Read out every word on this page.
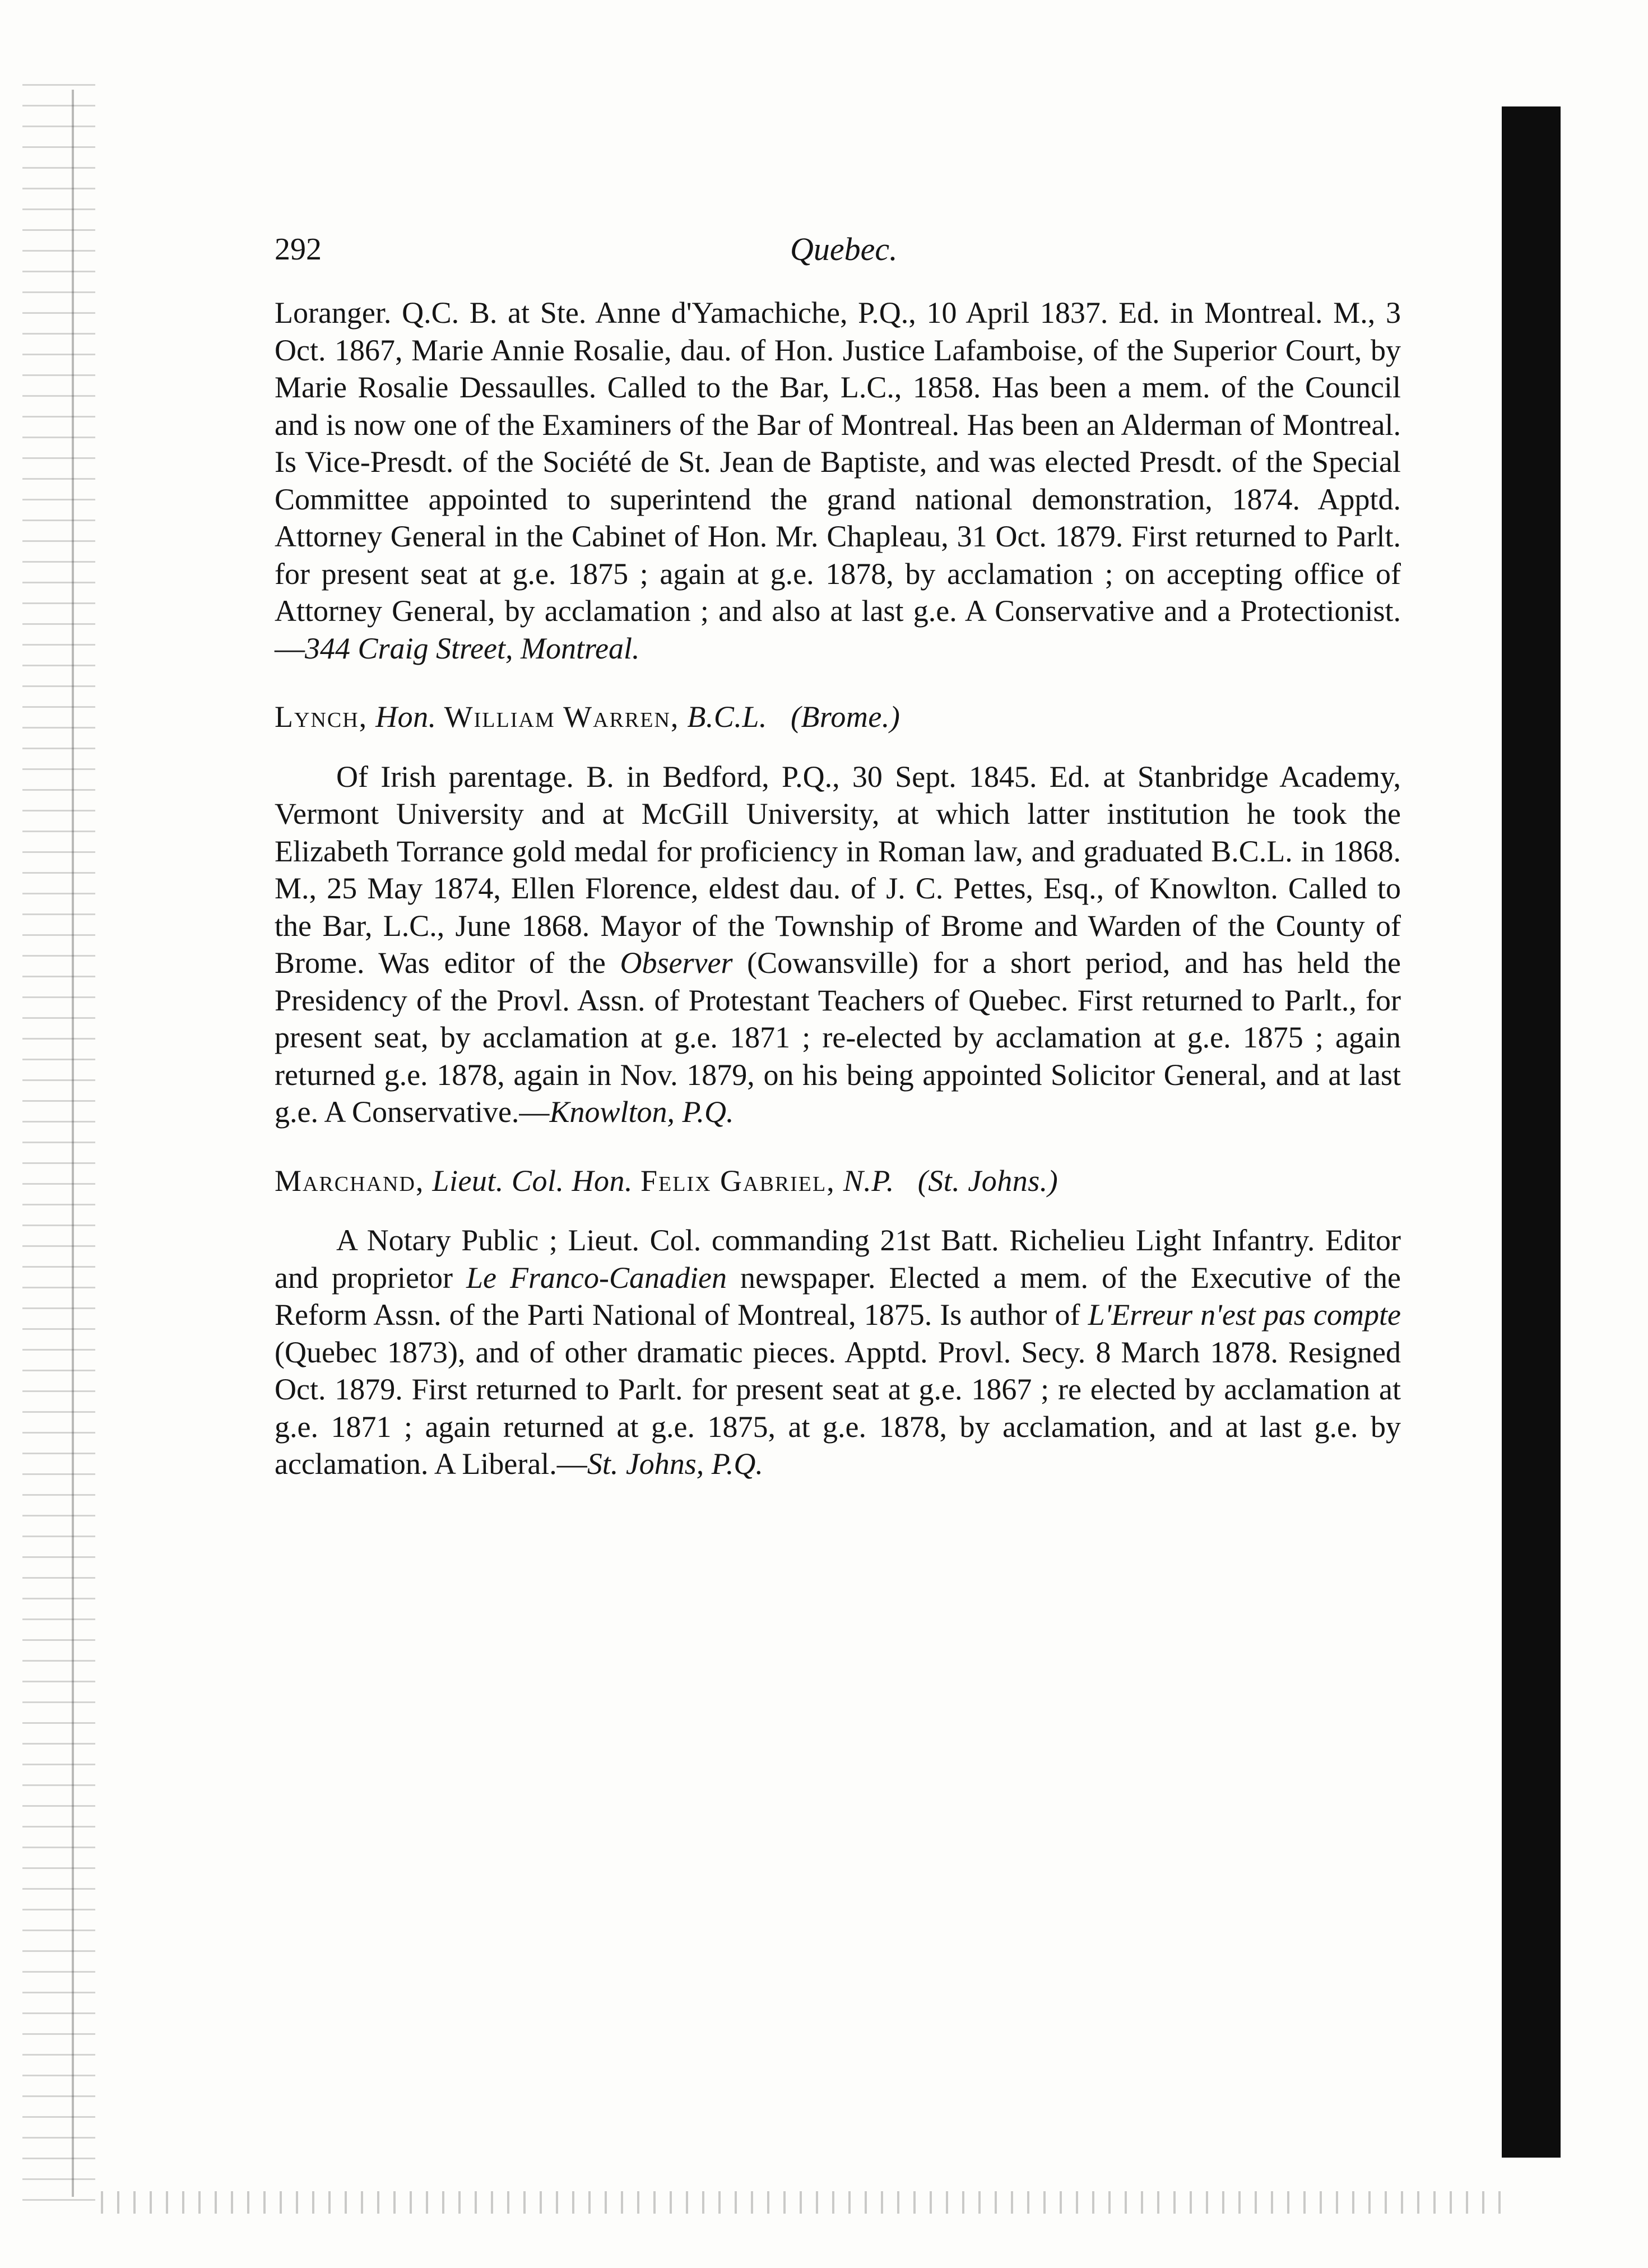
292	Quebec.

Loranger. Q.C. B. at Ste. Anne d'Yamachiche, P.Q., 10 April 1837. Ed. in Montreal. M., 3 Oct. 1867, Marie Annie Rosalie, dau. of Hon. Justice Lafamboise, of the Superior Court, by Marie Rosalie Dessaulles. Called to the Bar, L.C., 1858. Has been a mem. of the Council and is now one of the Examiners of the Bar of Montreal. Has been an Alderman of Montreal. Is Vice-Presdt. of the Société de St. Jean de Baptiste, and was elected Presdt. of the Special Committee appointed to superintend the grand national demonstration, 1874. Apptd. Attorney General in the Cabinet of Hon. Mr. Chapleau, 31 Oct. 1879. First returned to Parlt. for present seat at g.e. 1875 ; again at g.e. 1878, by acclamation ; on accepting office of Attorney General, by acclamation ; and also at last g.e. A Conservative and a Protectionist.—344 Craig Street, Montreal.

Lynch, Hon. William Warren, B.C.L. (Brome.)

Of Irish parentage. B. in Bedford, P.Q., 30 Sept. 1845. Ed. at Stanbridge Academy, Vermont University and at McGill University, at which latter institution he took the Elizabeth Torrance gold medal for proficiency in Roman law, and graduated B.C.L. in 1868. M., 25 May 1874, Ellen Florence, eldest dau. of J. C. Pettes, Esq., of Knowlton. Called to the Bar, L.C., June 1868. Mayor of the Township of Brome and Warden of the County of Brome. Was editor of the Observer (Cowansville) for a short period, and has held the Presidency of the Provl. Assn. of Protestant Teachers of Quebec. First returned to Parlt., for present seat, by acclamation at g.e. 1871 ; re-elected by acclamation at g.e. 1875 ; again returned g.e. 1878, again in Nov. 1879, on his being appointed Solicitor General, and at last g.e. A Conservative.—Knowlton, P.Q.

Marchand, Lieut. Col. Hon. Felix Gabriel, N.P. (St. Johns.)

A Notary Public ; Lieut. Col. commanding 21st Batt. Richelieu Light Infantry. Editor and proprietor Le Franco-Canadien newspaper. Elected a mem. of the Executive of the Reform Assn. of the Parti National of Montreal, 1875. Is author of L'Erreur n'est pas compte (Quebec 1873), and of other dramatic pieces. Apptd. Provl. Secy. 8 March 1878. Resigned Oct. 1879. First returned to Parlt. for present seat at g.e. 1867 ; re elected by acclamation at g.e. 1871 ; again returned at g.e. 1875, at g.e. 1878, by acclamation, and at last g.e. by acclamation. A Liberal.—St. Johns, P.Q.
